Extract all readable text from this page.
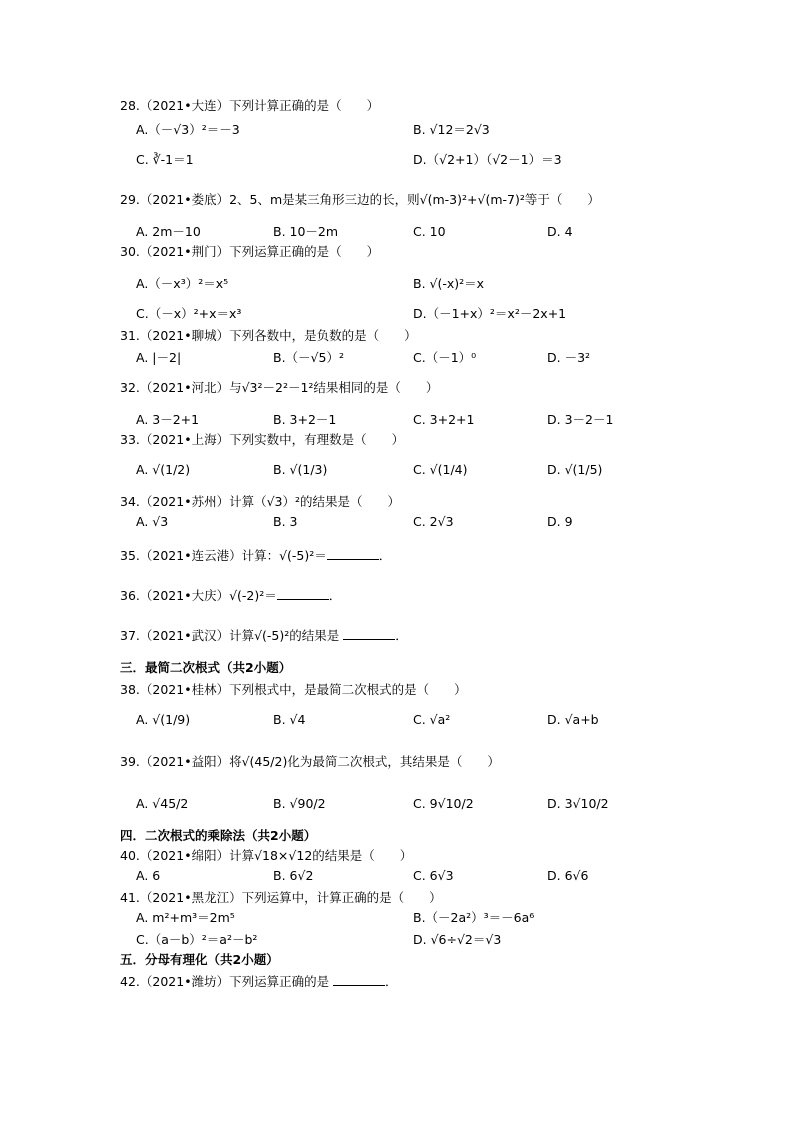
28.（2021•大连）下列计算正确的是（　　）
A.（－√3）²＝－3	B. √12＝2√3
C. ∛-1＝1	D.（√2+1）（√2－1）＝3
29.（2021•娄底）2、5、m是某三角形三边的长，则√(m-3)²+√(m-7)²等于（　　）
A. 2m－10	B. 10－2m	C. 10	D. 4
30.（2021•荆门）下列运算正确的是（　　）
A.（－x³）²＝x⁵	B. √(-x)²＝x
C.（－x）²+x＝x³	D.（－1+x）²＝x²－2x+1
31.（2021•聊城）下列各数中，是负数的是（　　）
A. |－2|	B.（－√5）²	C.（－1）⁰	D. －3²
32.（2021•河北）与√3²－2²－1²结果相同的是（　　）
A. 3－2+1	B. 3+2－1	C. 3+2+1	D. 3－2－1
33.（2021•上海）下列实数中，有理数是（　　）
A. √(1/2)	B. √(1/3)	C. √(1/4)	D. √(1/5)
34.（2021•苏州）计算（√3）²的结果是（　　）
A. √3	B. 3	C. 2√3	D. 9
35.（2021•连云港）计算：√(-5)²＝	．
36.（2021•大庆）√(-2)²＝	．
37.（2021•武汉）计算√(-5)²的结果是	．
三．最简二次根式（共2小题）
38.（2021•桂林）下列根式中，是最简二次根式的是（　　）
A. √(1/9)	B. √4	C. √a²	D. √a+b
39.（2021•益阳）将√(45/2)化为最简二次根式，其结果是（　　）
A. √45/2	B. √90/2	C. 9√10/2	D. 3√10/2
四．二次根式的乘除法（共2小题）
40.（2021•绵阳）计算√18×√12的结果是（　　）
A. 6	B. 6√2	C. 6√3	D. 6√6
41.（2021•黑龙江）下列运算中，计算正确的是（　　）
A. m²+m³＝2m⁵	B.（－2a²）³＝－6a⁶
C.（a－b）²＝a²－b²	D. √6÷√2＝√3
五．分母有理化（共2小题）
42.（2021•潍坊）下列运算正确的是	．
